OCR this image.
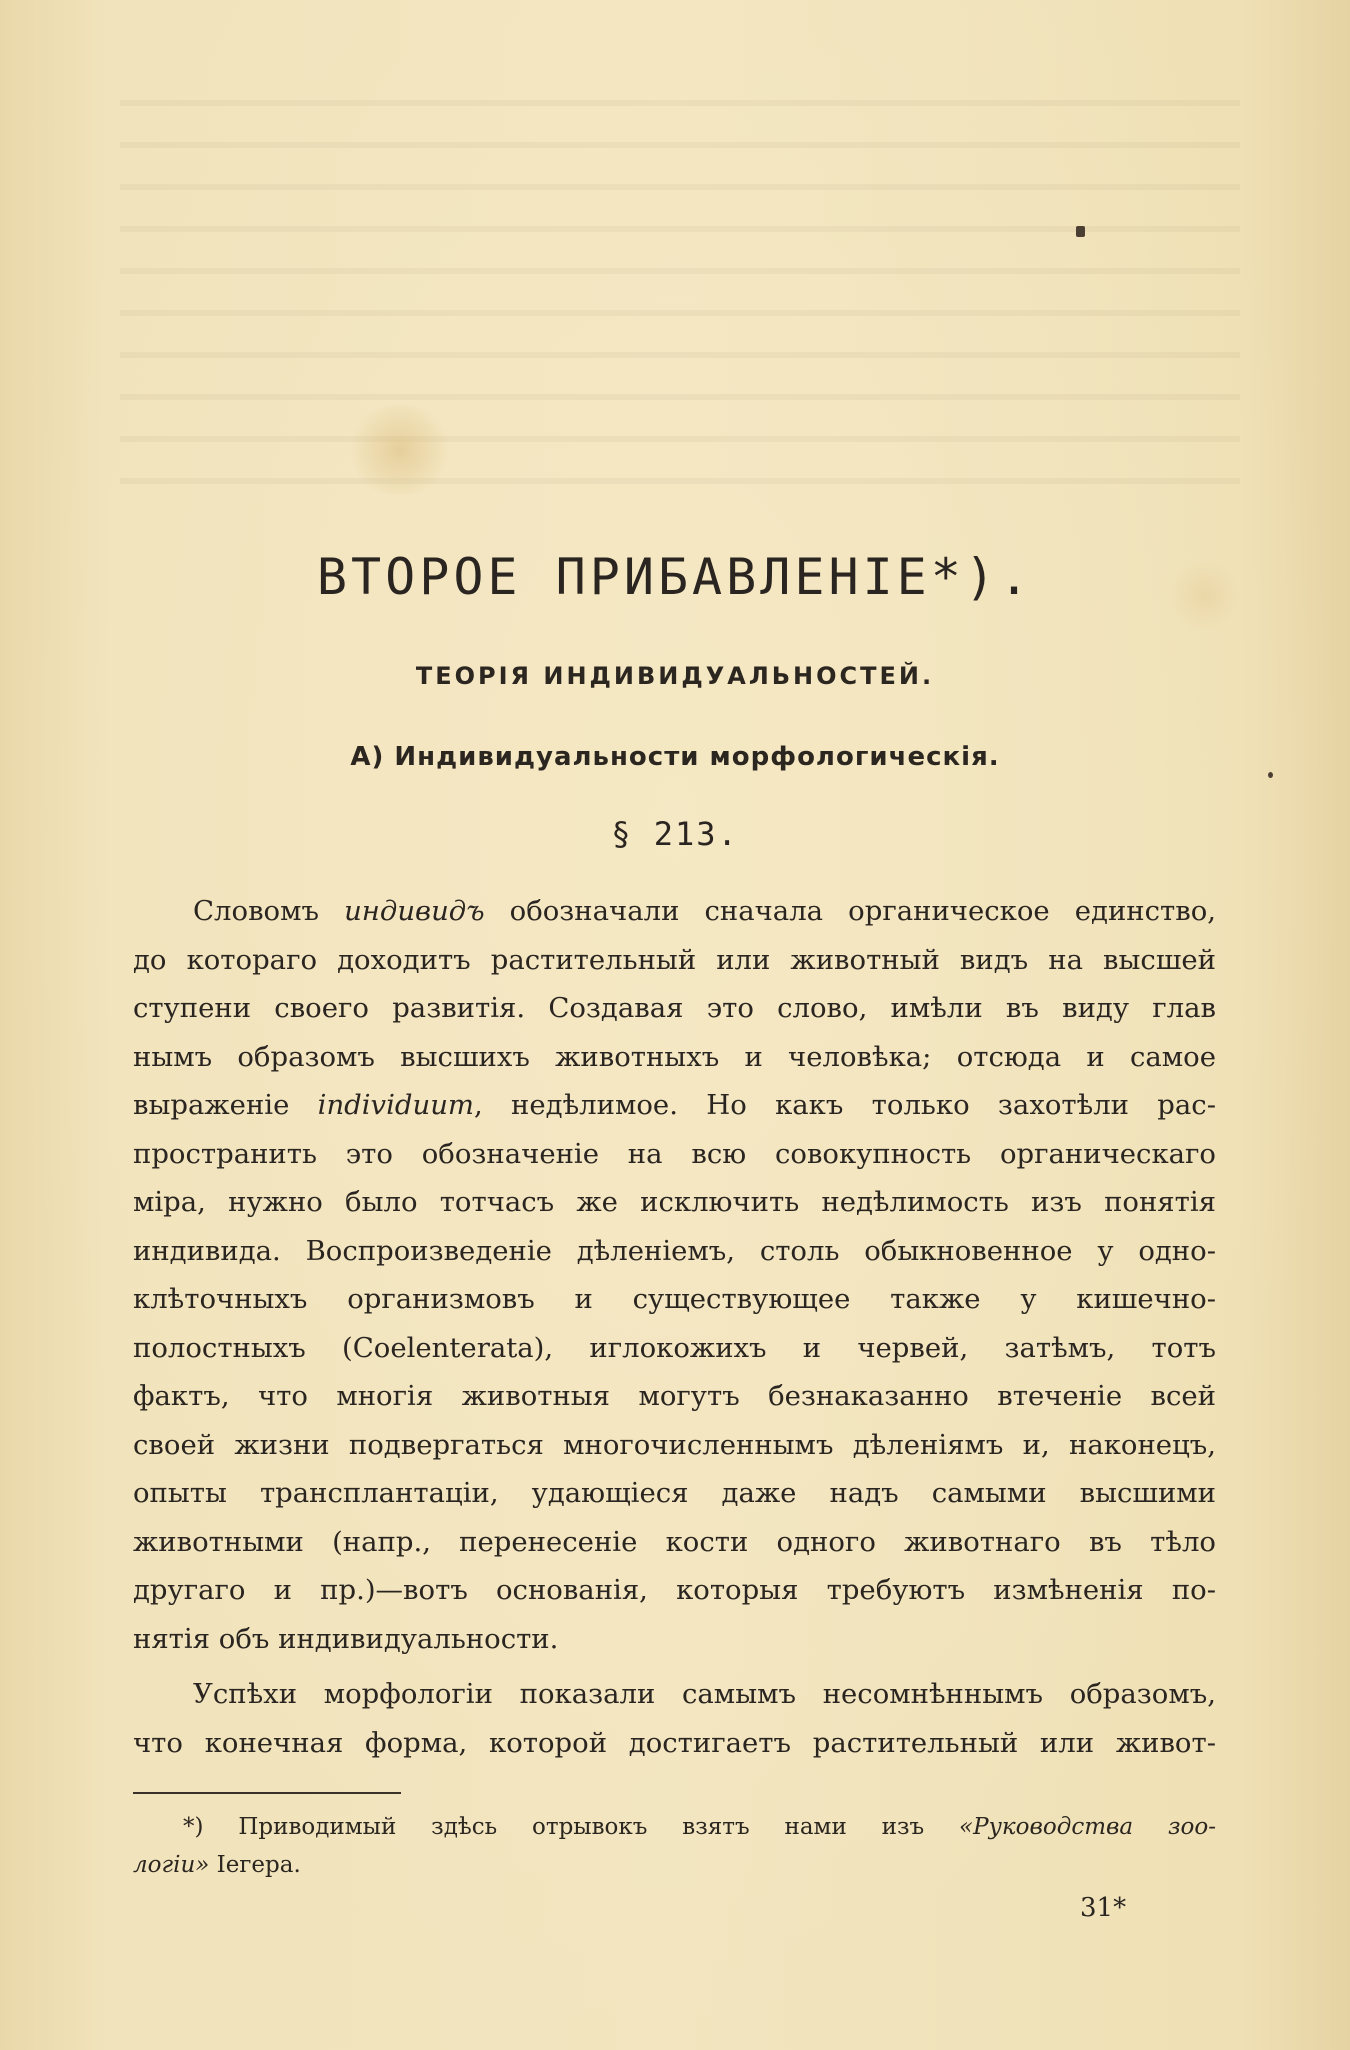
ВТОРОЕ ПРИБАВЛЕНІЕ*).
ТЕОРІЯ ИНДИВИДУАЛЬНОСТЕЙ.
A) Индивидуальности морфологическія.
§ 213.
Словомъ индивидъ обозначали сначала органическое единство,
до котораго доходитъ растительный или животный видъ на высшей
ступени своего развитія. Создавая это слово, имѣли въ виду глав
нымъ образомъ высшихъ животныхъ и человѣка; отсюда и самое
выраженіе individuum, недѣлимое. Но какъ только захотѣли рас-
пространить это обозначеніе на всю совокупность органическаго
міра, нужно было тотчасъ же исключить недѣлимость изъ понятія
индивида. Воспроизведеніе дѣленіемъ, столь обыкновенное у одно-
клѣточныхъ организмовъ и существующее также у кишечно-
полостныхъ (Coelenterata), иглокожихъ и червей, затѣмъ, тотъ
фактъ, что многія животныя могутъ безнаказанно втеченіе всей
своей жизни подвергаться многочисленнымъ дѣленіямъ и, наконецъ,
опыты трансплантаціи, удающіеся даже надъ самыми высшими
животными (напр., перенесеніе кости одного животнаго въ тѣло
другаго и пр.)—вотъ основанія, которыя требуютъ измѣненія по-
нятія объ индивидуальности.
Успѣхи морфологіи показали самымъ несомнѣннымъ образомъ,
что конечная форма, которой достигаетъ растительный или живот-
*) Приводимый здѣсь отрывокъ взятъ нами изъ «Руководства зоо-
логіи» Іегера.
31*
